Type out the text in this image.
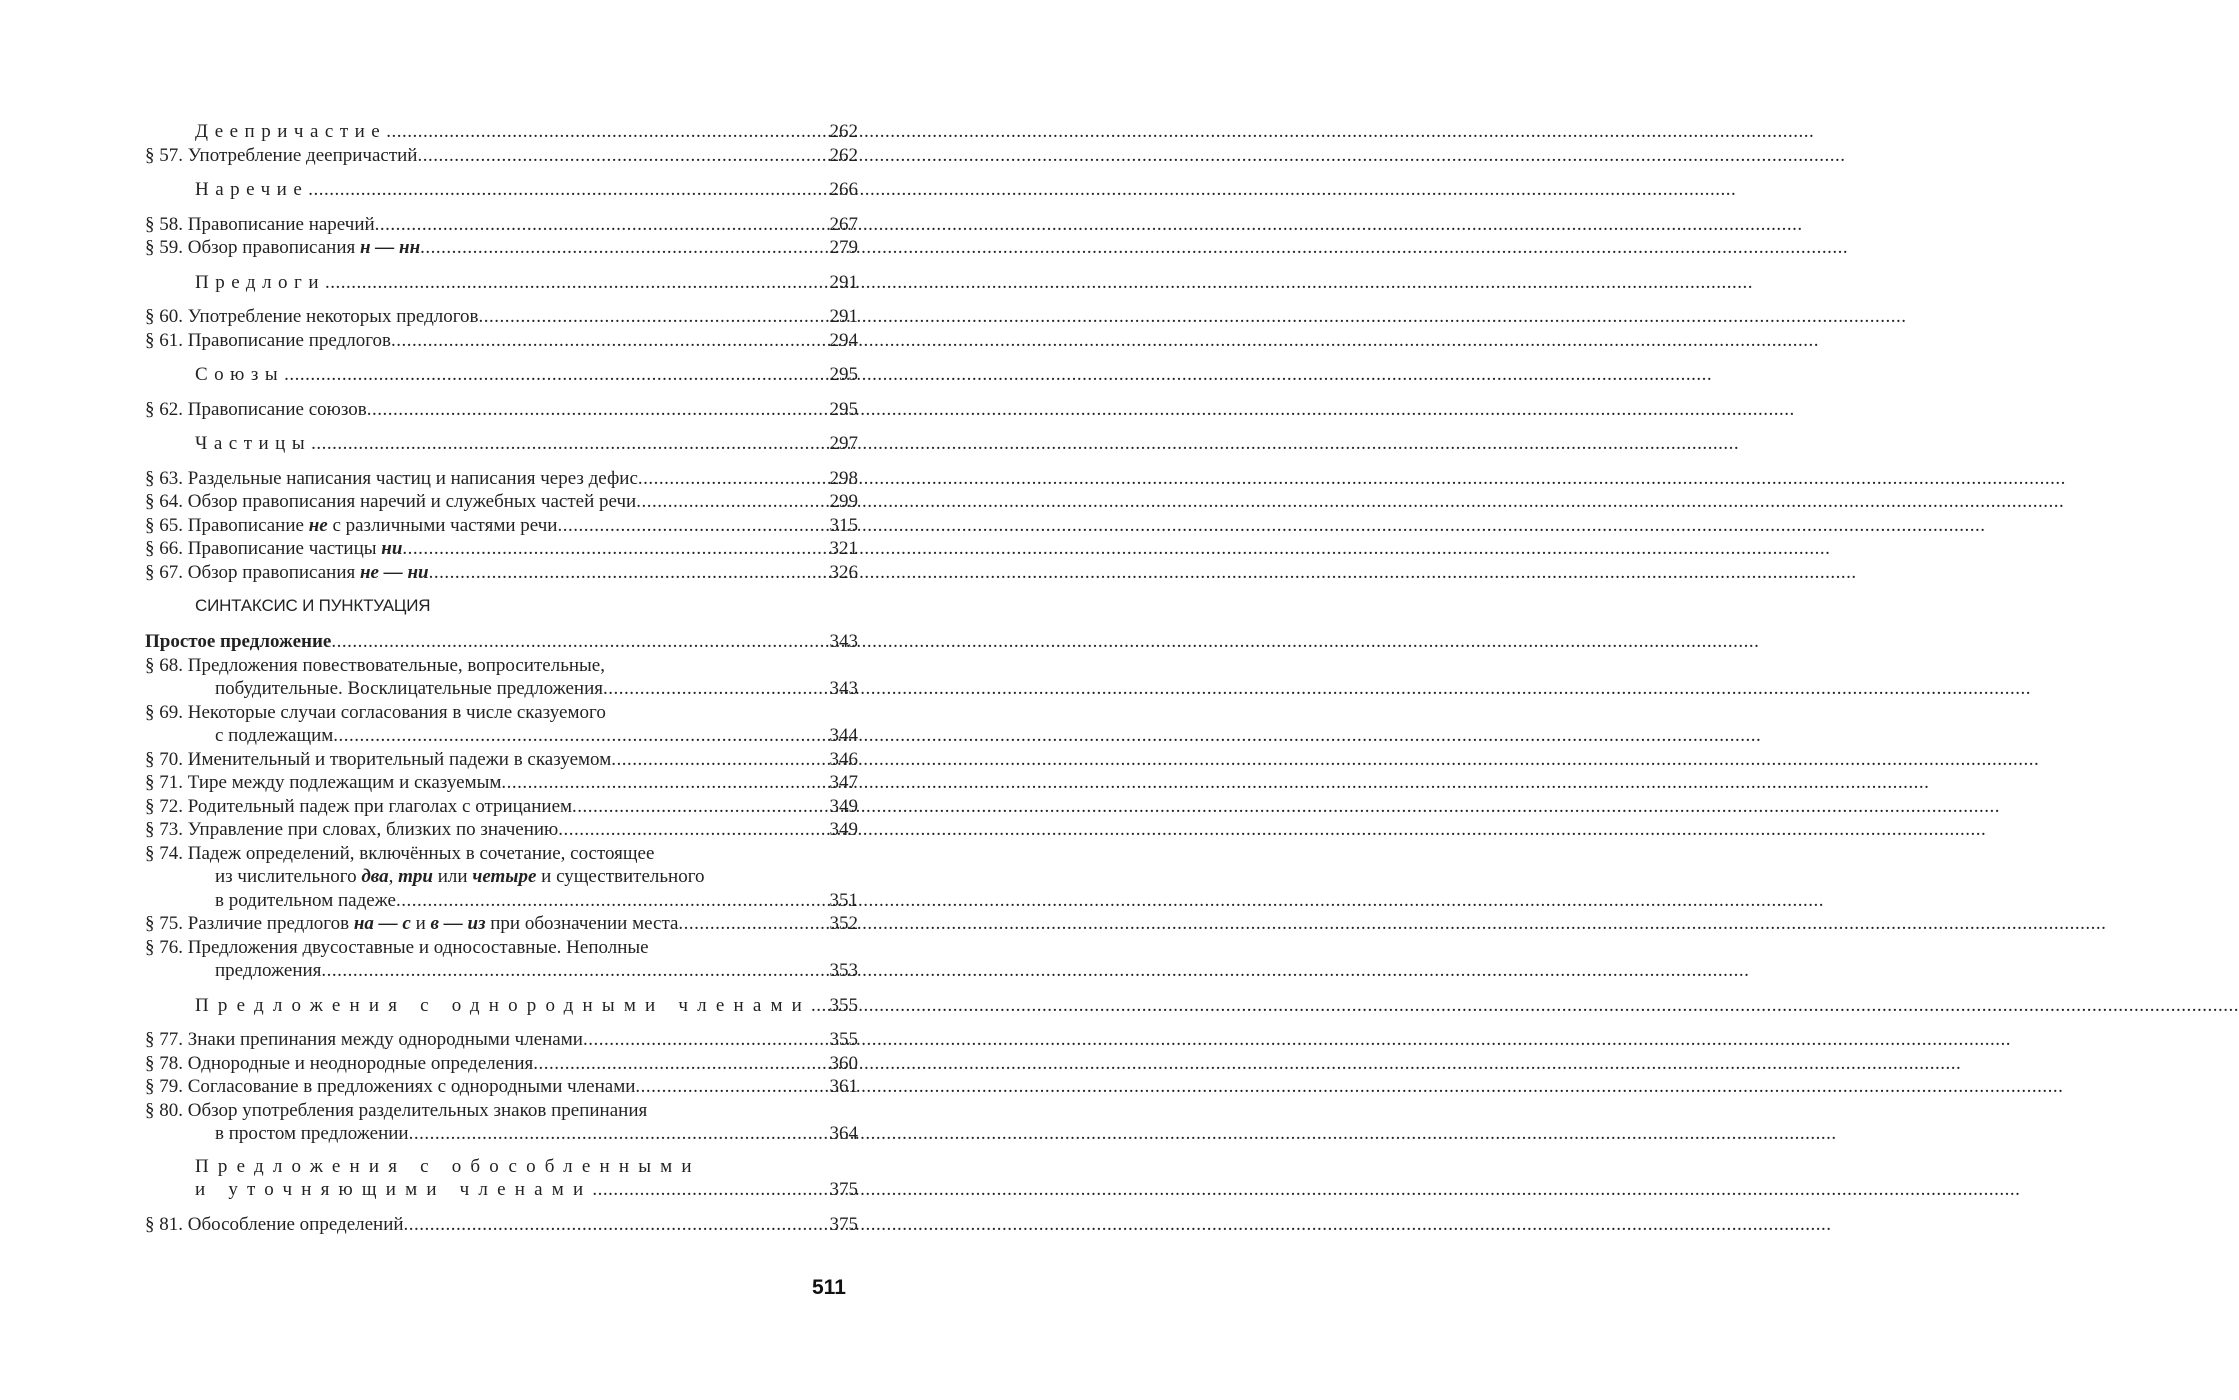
Деепричастие .....	262
§ 57. Употребление деепричастий .....	262
Наречие .....	266
§ 58. Правописание наречий .....	267
§ 59. Обзор правописания н — нн .....	279
Предлоги .....	291
§ 60. Употребление некоторых предлогов .....	291
§ 61. Правописание предлогов .....	294
Союзы .....	295
§ 62. Правописание союзов .....	295
Частицы .....	297
§ 63. Раздельные написания частиц и написания через дефис .....	298
§ 64. Обзор правописания наречий и служебных частей речи .....	299
§ 65. Правописание не с различными частями речи .....	315
§ 66. Правописание частицы ни .....	321
§ 67. Обзор правописания не — ни .....	326
СИНТАКСИС И ПУНКТУАЦИЯ
Простое предложение .....	343
§ 68. Предложения повествовательные, вопросительные,
побудительные. Восклицательные предложения .....	343
§ 69. Некоторые случаи согласования в числе сказуемого
с подлежащим .....	344
§ 70. Именительный и творительный падежи в сказуемом .....	346
§ 71. Тире между подлежащим и сказуемым .....	347
§ 72. Родительный падеж при глаголах с отрицанием .....	349
§ 73. Управление при словах, близких по значению .....	349
§ 74. Падеж определений, включённых в сочетание, состоящее
из числительного два, три или четыре и существительного
в родительном падеже .....	351
§ 75. Различие предлогов на — с и в — из при обозначении места .....	352
§ 76. Предложения двусоставные и односоставные. Неполные
предложения .....	353
Предложения с однородными членами ..... 355
§ 77. Знаки препинания между однородными членами .....	355
§ 78. Однородные и неоднородные определения .....	360
§ 79. Согласование в предложениях с однородными членами .....	361
§ 80. Обзор употребления разделительных знаков препинания
в простом предложении .....	364
Предложения с обособленными
и уточняющими членами .....	375
§ 81. Обособление определений .....	375
511
